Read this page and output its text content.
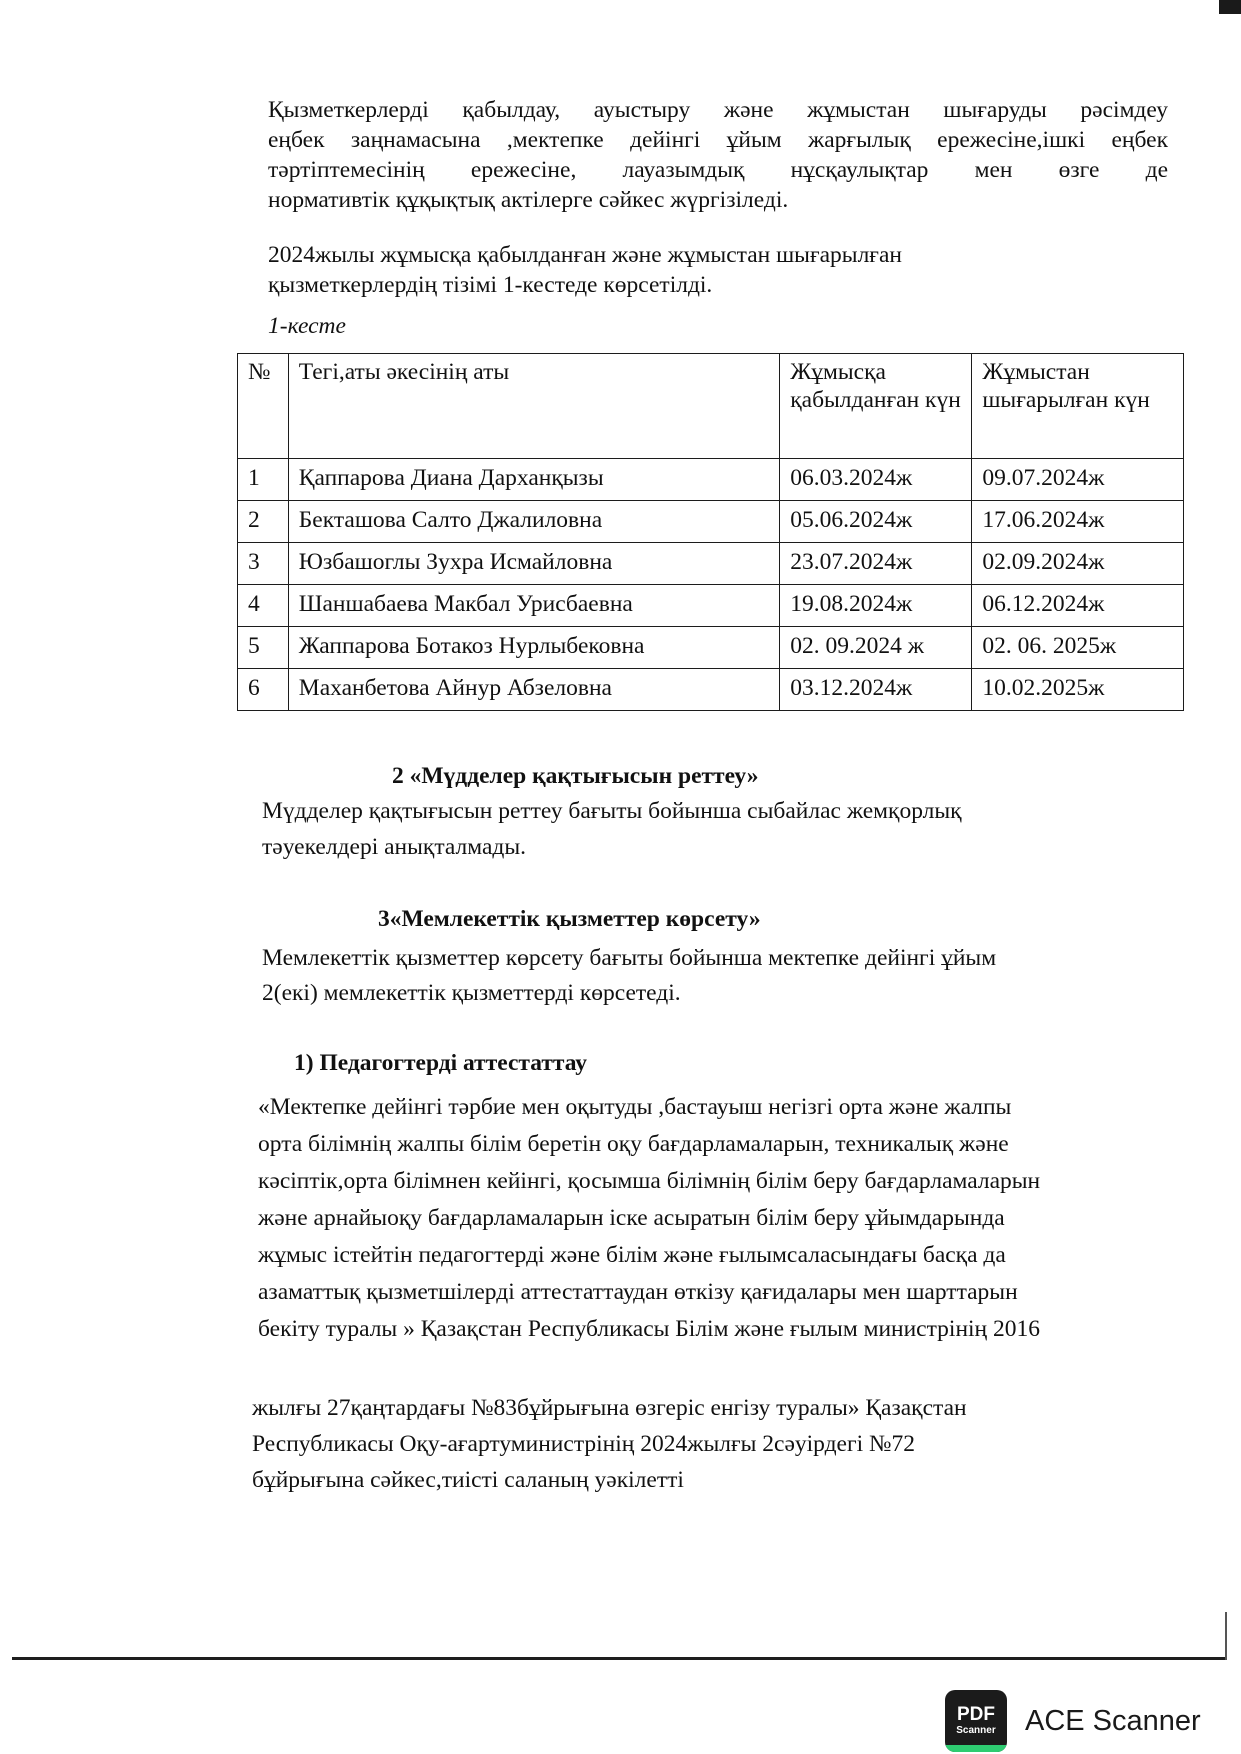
Қызметкерлерді қабылдау, ауыстыру және жұмыстан шығаруды рәсімдеу
еңбек заңнамасына ,мектепке дейінгі ұйым жарғылық ережесіне,ішкі еңбек
тәртіптемесінің ережесіне, лауазымдық нұсқаулықтар мен өзге де
нормативтік құқықтық актілерге сәйкес жүргізіледі.
2024жылы жұмысқа қабылданған және жұмыстан шығарылған
қызметкерлердің тізімі 1-кестеде көрсетілді.
1-кесте
№	Тегі,аты әкесінің аты	Жұмысқа қабылданған күн	Жұмыстан шығарылған күн
1	Қаппарова Диана Дарханқызы	06.03.2024ж	09.07.2024ж
2	Бекташова Салто Джалиловна	05.06.2024ж	17.06.2024ж
3	Юзбашоглы Зухра Исмайловна	23.07.2024ж	02.09.2024ж
4	Шаншабаева Макбал Урисбаевна	19.08.2024ж	06.12.2024ж
5	Жаппарова Ботакоз Нурлыбековна	02. 09.2024 ж	02. 06. 2025ж
6	Маханбетова Айнур Абзеловна	03.12.2024ж	10.02.2025ж
2 «Мүдделер қақтығысын реттеу»
Мүдделер қақтығысын реттеу бағыты бойынша сыбайлас жемқорлық
тәуекелдері анықталмады.
3«Мемлекеттік қызметтер көрсету»
Мемлекеттік қызметтер көрсету бағыты бойынша мектепке дейінгі ұйым
2(екі) мемлекеттік қызметтерді көрсетеді.
1) Педагогтерді аттестаттау
«Мектепке дейінгі тәрбие мен оқытуды ,бастауыш негізгі орта және жалпы
орта білімнің жалпы білім беретін оқу бағдарламаларын, техникалық және
кәсіптік,орта білімнен кейінгі, қосымша білімнің білім беру бағдарламаларын
және арнайыоқу бағдарламаларын іске асыратын білім беру ұйымдарында
жұмыс істейтін педагогтерді және білім және ғылымсаласындағы басқа да
азаматтық қызметшілерді аттестаттаудан өткізу қағидалары мен шарттарын
бекіту туралы » Қазақстан Республикасы Білім және ғылым министрінің 2016
жылғы 27қаңтардағы №83бұйрығына өзгеріс енгізу туралы» Қазақстан
Республикасы Оқу-ағартуминистрінің 2024жылғы 2сәуірдегі №72
бұйрығына сәйкес,тиісті саланың уәкілетті
PDF
Scanner ACE Scanner
